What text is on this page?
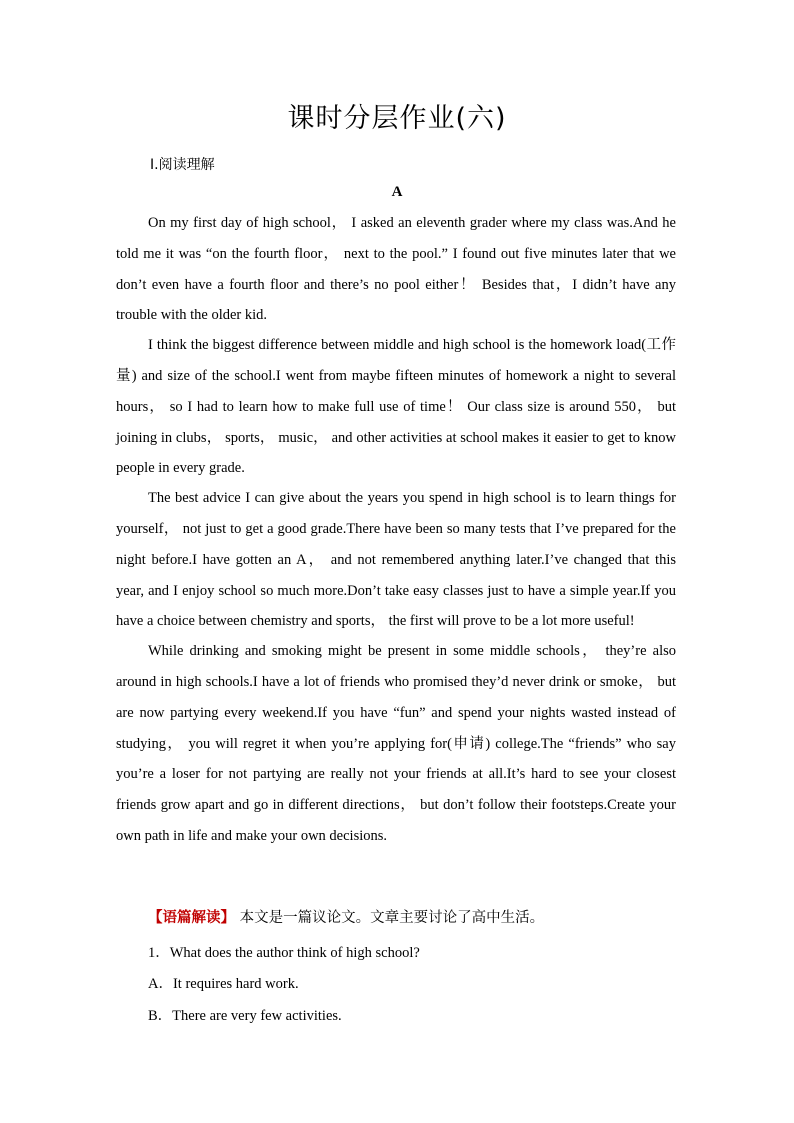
课时分层作业(六)
Ⅰ.阅读理解
A

On my first day of high school， I asked an eleventh grader where my class was.And he told me it was “on the fourth floor， next to the pool.” I found out five minutes later that we don’t even have a fourth floor and there’s no pool either！ Besides that，I didn’t have any trouble with the older kid.

I think the biggest difference between middle and high school is the homework load(工作量) and size of the school.I went from maybe fifteen minutes of homework a night to several hours， so I had to learn how to make full use of time！ Our class size is around 550， but joining in clubs， sports， music， and other activities at school makes it easier to get to know people in every grade.

The best advice I can give about the years you spend in high school is to learn things for yourself， not just to get a good grade.There have been so many tests that I’ve prepared for the night before.I have gotten an A， and not remembered anything later.I’ve changed that this year, and I enjoy school so much more.Don’t take easy classes just to have a simple year.If you have a choice between chemistry and sports， the first will prove to be a lot more useful!

While drinking and smoking might be present in some middle schools， they’re also around in high schools.I have a lot of friends who promised they’d never drink or smoke， but are now partying every weekend.If you have “fun” and spend your nights wasted instead of studying， you will regret it when you’re applying for(申请) college.The “friends” who say you’re a loser for not partying are really not your friends at all.It’s hard to see your closest friends grow apart and go in different directions， but don’t follow their footsteps.Create your own path in life and make your own decisions.

【语篇解读】 本文是一篇议论文。文章主要讨论了高中生活。
1．What does the author think of high school?
A．It requires hard work.
B．There are very few activities.
